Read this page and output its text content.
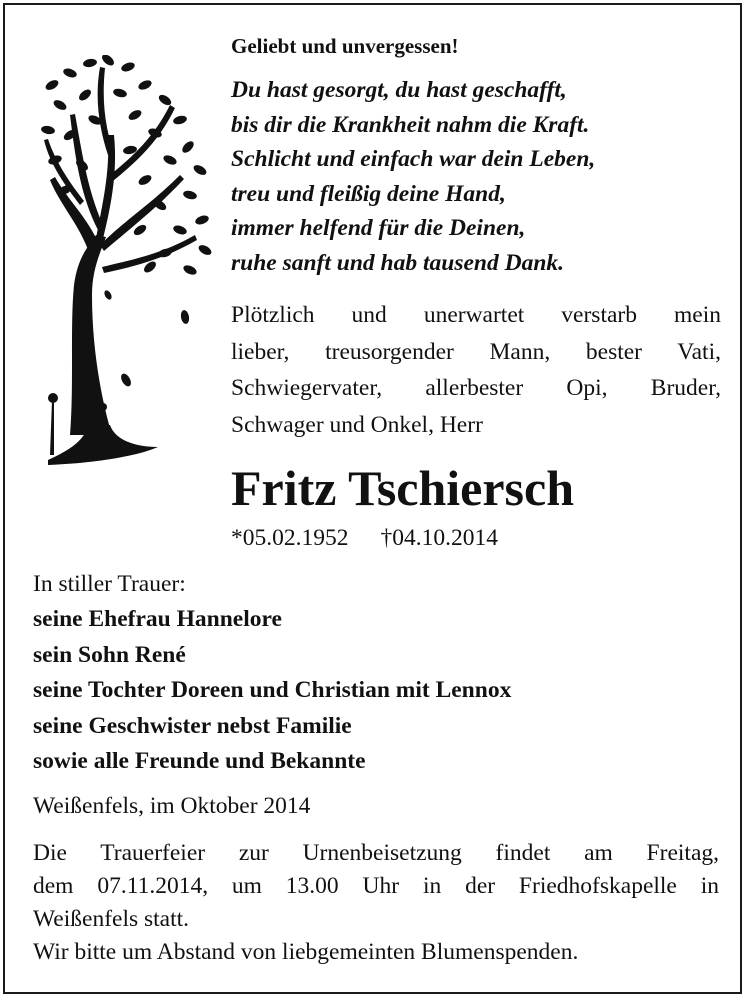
Geliebt und unvergessen!
Du hast gesorgt, du hast geschafft,
bis dir die Krankheit nahm die Kraft.
Schlicht und einfach war dein Leben,
treu und fleißig deine Hand,
immer helfend für die Deinen,
ruhe sanft und hab tausend Dank.
Plötzlich und unerwartet verstarb mein
lieber, treusorgender Mann, bester Vati,
Schwiegervater, allerbester Opi, Bruder,
Schwager und Onkel, Herr
Fritz Tschiersch
*05.02.1952 †04.10.2014
In stiller Trauer:
seine Ehefrau Hannelore
sein Sohn René
seine Tochter Doreen und Christian mit Lennox
seine Geschwister nebst Familie
sowie alle Freunde und Bekannte
Weißenfels, im Oktober 2014
Die Trauerfeier zur Urnenbeisetzung findet am Freitag,
dem 07.11.2014, um 13.00 Uhr in der Friedhofskapelle in
Weißenfels statt.
Wir bitte um Abstand von liebgemeinten Blumenspenden.
